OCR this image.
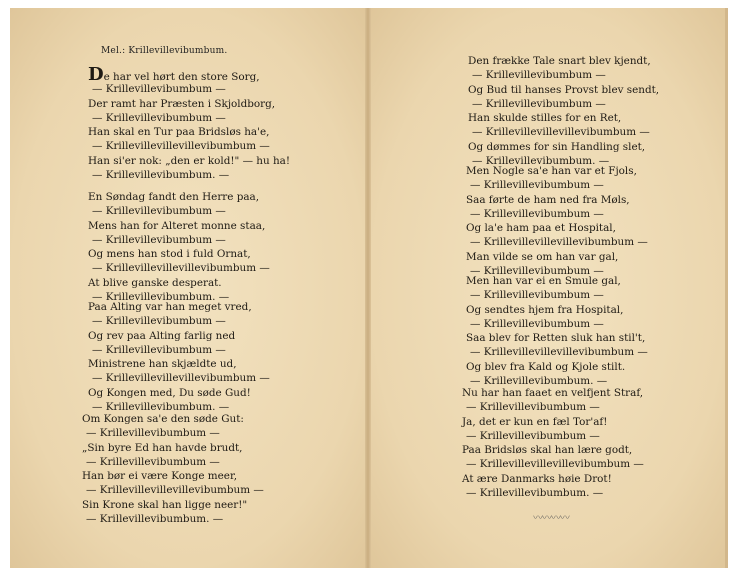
Mel.: Krillevillevibumbum.
De har vel hørt den store Sorg,
— Krillevillevibumbum —
Der ramt har Præsten i Skjoldborg,
— Krillevillevibumbum —
Han skal en Tur paa Bridsløs ha'e,
— Krillevillevillevillevibumbum —
Han si'er nok: „den er kold!" — hu ha!
— Krillevillevibumbum. —
En Søndag fandt den Herre paa,
— Krillevillevibumbum —
Mens han for Alteret monne staa,
— Krillevillevibumbum —
Og mens han stod i fuld Ornat,
— Krillevillevillevillevibumbum —
At blive ganske desperat.
— Krillevillevibumbum. —
Paa Alting var han meget vred,
— Krillevillevibumbum —
Og rev paa Alting farlig ned
— Krillevillevibumbum —
Ministrene han skjældte ud,
— Krillevillevillevillevibumbum —
Og Kongen med, Du søde Gud!
— Krillevillevibumbum. —
Om Kongen sa'e den søde Gut:
— Krillevillevibumbum —
„Sin byre Ed han havde brudt,
— Krillevillevibumbum —
Han bør ei være Konge meer,
— Krillevillevillevillevibumbum —
Sin Krone skal han ligge neer!"
— Krillevillevibumbum. —
Den frække Tale snart blev kjendt,
— Krillevillevibumbum —
Og Bud til hanses Provst blev sendt,
— Krillevillevibumbum —
Han skulde stilles for en Ret,
— Krillevillevillevillevibumbum —
Og dømmes for sin Handling slet,
— Krillevillevibumbum. —
Men Nogle sa'e han var et Fjols,
— Krillevillevibumbum —
Saa førte de ham ned fra Møls,
— Krillevillevibumbum —
Og la'e ham paa et Hospital,
— Krillevillevillevillevibumbum —
Man vilde se om han var gal,
— Krillevillevibumbum —
Men han var ei en Smule gal,
— Krillevillevibumbum —
Og sendtes hjem fra Hospital,
— Krillevillevibumbum —
Saa blev for Retten sluk han stil't,
— Krillevillevillevillevibumbum —
Og blev fra Kald og Kjole stilt.
— Krillevillevibumbum. —
Nu har han faaet en velfjent Straf,
— Krillevillevibumbum —
Ja, det er kun en fæl Tor'af!
— Krillevillevibumbum —
Paa Bridsløs skal han lære godt,
— Krillevillevillevillevibumbum —
At ære Danmarks høie Drot!
— Krillevillevibumbum. —
〰〰〰〰
